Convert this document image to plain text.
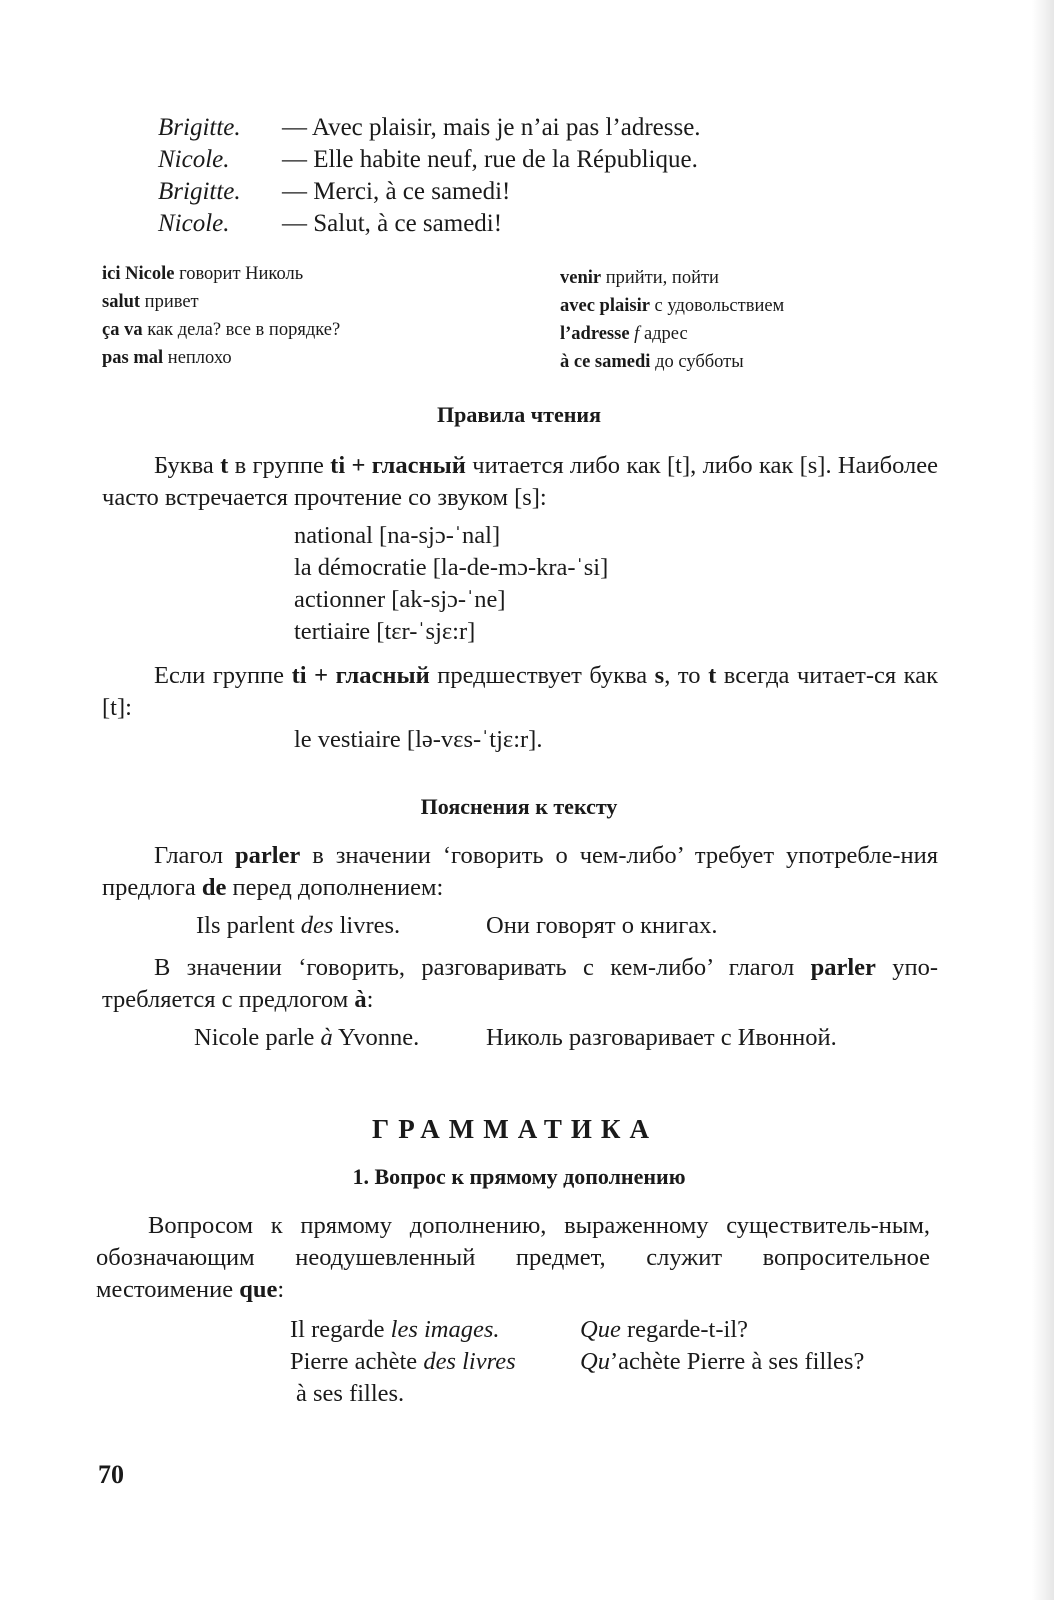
Brigitte. — Avec plaisir, mais je n’ai pas l’adresse.
Nicole. — Elle habite neuf, rue de la République.
Brigitte. — Merci, à ce samedi!
Nicole. — Salut, à ce samedi!
ici Nicole говорит Николь
salut привет
ça va как дела? все в порядке?
pas mal неплохо
venir прийти, пойти
avec plaisir с удовольствием
l’adresse f адрес
à ce samedi до субботы
Правила чтения
Буква t в группе ti + гласный читается либо как [t], либо как [s]. Наиболее часто встречается прочтение со звуком [s]:
national [na-sjɔ-ˈnal]
la démocratie [la-de-mɔ-kra-ˈsi]
actionner [ak-sjɔ-ˈne]
tertiaire [tɛr-ˈsjɛ:r]
Если группе ti + гласный предшествует буква s, то t всегда читает-ся как [t]:
le vestiaire [lə-vɛs-ˈtjɛ:r].
Пояснения к тексту
Глагол parler в значении ‘говорить о чем-либо’ требует употребле-ния предлога de перед дополнением:
Ils parlent des livres.	Они говорят о книгах.
В значении ‘говорить, разговаривать с кем-либо’ глагол parler упо-требляется с предлогом à:
Nicole parle à Yvonne.	Николь разговаривает с Ивонной.
ГРАММАТИКА
1. Вопрос к прямому дополнению
Вопросом к прямому дополнению, выраженному существитель-ным, обозначающим неодушевленный предмет, служит вопросительное местоимение que:
Il regarde les images.	Que regarde-t-il?
Pierre achète des livres	Qu’achète Pierre à ses filles?
à ses filles.
70
